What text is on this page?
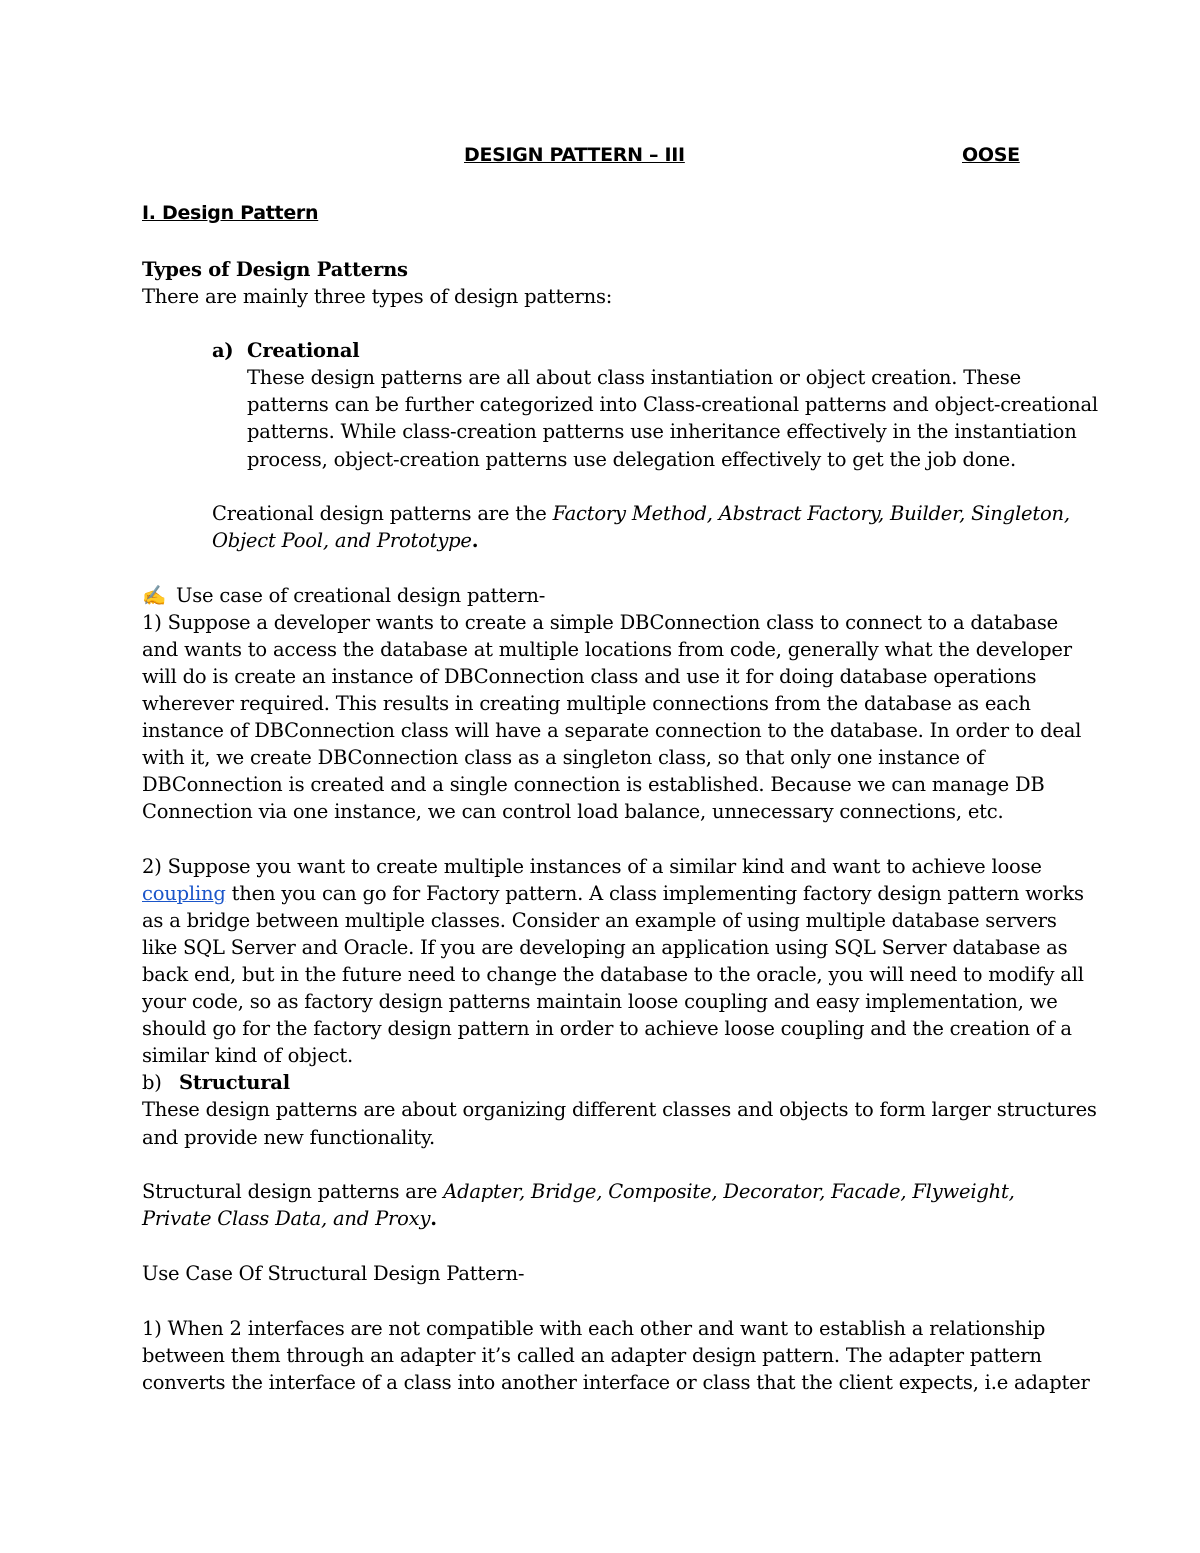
DESIGN PATTERN – III	OOSE
I. Design Pattern
Types of Design Patterns
There are mainly three types of design patterns:
a) Creational
These design patterns are all about class instantiation or object creation. These
patterns can be further categorized into Class-creational patterns and object-creational
patterns. While class-creation patterns use inheritance effectively in the instantiation
process, object-creation patterns use delegation effectively to get the job done.
Creational design patterns are the Factory Method, Abstract Factory, Builder, Singleton,
Object Pool, and Prototype.
✍ Use case of creational design pattern-
1) Suppose a developer wants to create a simple DBConnection class to connect to a database
and wants to access the database at multiple locations from code, generally what the developer
will do is create an instance of DBConnection class and use it for doing database operations
wherever required. This results in creating multiple connections from the database as each
instance of DBConnection class will have a separate connection to the database. In order to deal
with it, we create DBConnection class as a singleton class, so that only one instance of
DBConnection is created and a single connection is established. Because we can manage DB
Connection via one instance, we can control load balance, unnecessary connections, etc.
2) Suppose you want to create multiple instances of a similar kind and want to achieve loose
coupling then you can go for Factory pattern. A class implementing factory design pattern works
as a bridge between multiple classes. Consider an example of using multiple database servers
like SQL Server and Oracle. If you are developing an application using SQL Server database as
back end, but in the future need to change the database to the oracle, you will need to modify all
your code, so as factory design patterns maintain loose coupling and easy implementation, we
should go for the factory design pattern in order to achieve loose coupling and the creation of a
similar kind of object.
b) Structural
These design patterns are about organizing different classes and objects to form larger structures
and provide new functionality.
Structural design patterns are Adapter, Bridge, Composite, Decorator, Facade, Flyweight,
Private Class Data, and Proxy.
Use Case Of Structural Design Pattern-
1) When 2 interfaces are not compatible with each other and want to establish a relationship
between them through an adapter it’s called an adapter design pattern. The adapter pattern
converts the interface of a class into another interface or class that the client expects, i.e adapter
